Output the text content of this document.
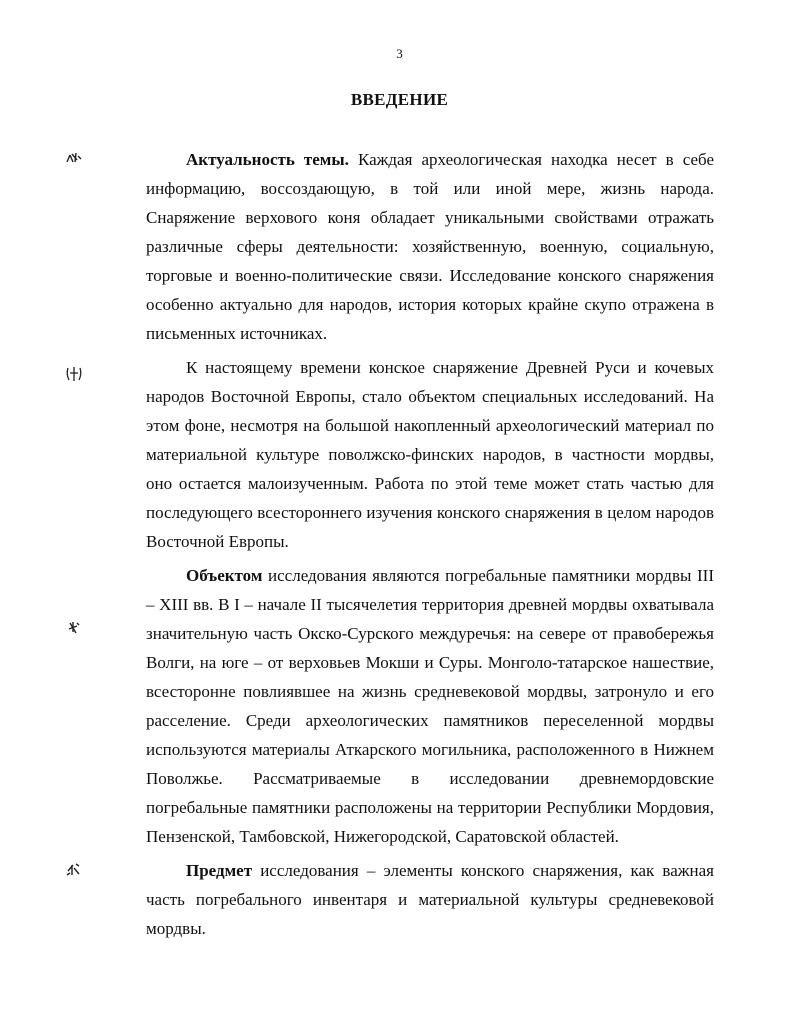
3
ВВЕДЕНИЕ

Актуальность темы. Каждая археологическая находка несет в себе информацию, воссоздающую, в той или иной мере, жизнь народа. Снаряжение верхового коня обладает уникальными свойствами отражать различные сферы деятельности: хозяйственную, военную, социальную, торговые и военно-политические связи. Исследование конского снаряжения особенно актуально для народов, история которых крайне скупо отражена в письменных источниках.

К настоящему времени конское снаряжение Древней Руси и кочевых народов Восточной Европы, стало объектом специальных исследований. На этом фоне, несмотря на большой накопленный археологический материал по материальной культуре поволжско-финских народов, в частности мордвы, оно остается малоизученным. Работа по этой теме может стать частью для последующего всестороннего изучения конского снаряжения в целом народов Восточной Европы.

Объектом исследования являются погребальные памятники мордвы III – XIII вв. В I – начале II тысячелетия территория древней мордвы охватывала значительную часть Окско-Сурского междуречья: на севере от правобережья Волги, на юге – от верховьев Мокши и Суры. Монголо-татарское нашествие, всесторонне повлиявшее на жизнь средневековой мордвы, затронуло и его расселение. Среди археологических памятников переселенной мордвы используются материалы Аткарского могильника, расположенного в Нижнем Поволжье. Рассматриваемые в исследовании древнемордовские погребальные памятники расположены на территории Республики Мордовия, Пензенской, Тамбовской, Нижегородской, Саратовской областей.

Предмет исследования – элементы конского снаряжения, как важная часть погребального инвентаря и материальной культуры средневековой мордвы.
